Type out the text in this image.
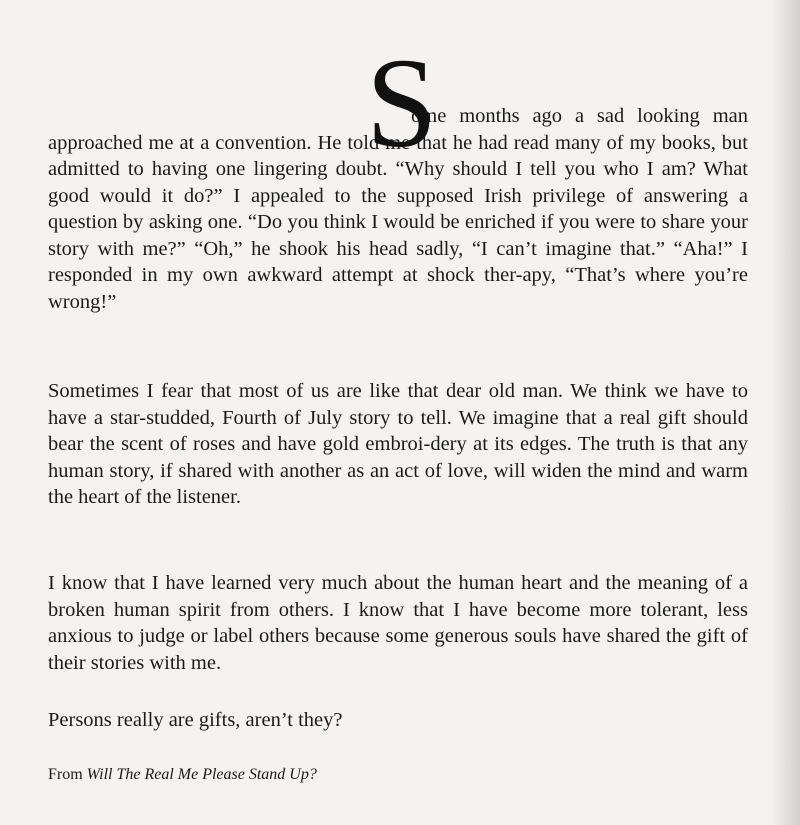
S
ome months ago a sad looking man approached me at a convention. He told me that he had read many of my books, but admitted to having one lingering doubt. “Why should I tell you who I am? What good would it do?” I appealed to the supposed Irish privilege of answering a question by asking one. “Do you think I would be enriched if you were to share your story with me?” “Oh,” he shook his head sadly, “I can’t imagine that.” “Aha!” I responded in my own awkward attempt at shock ther-apy, “That’s where you’re wrong!”

Sometimes I fear that most of us are like that dear old man. We think we have to have a star-studded, Fourth of July story to tell. We imagine that a real gift should bear the scent of roses and have gold embroi-dery at its edges. The truth is that any human story, if shared with another as an act of love, will widen the mind and warm the heart of the listener.

I know that I have learned very much about the human heart and the meaning of a broken human spirit from others. I know that I have become more tolerant, less anxious to judge or label others because some generous souls have shared the gift of their stories with me.

Persons really are gifts, aren’t they?

From Will The Real Me Please Stand Up?
